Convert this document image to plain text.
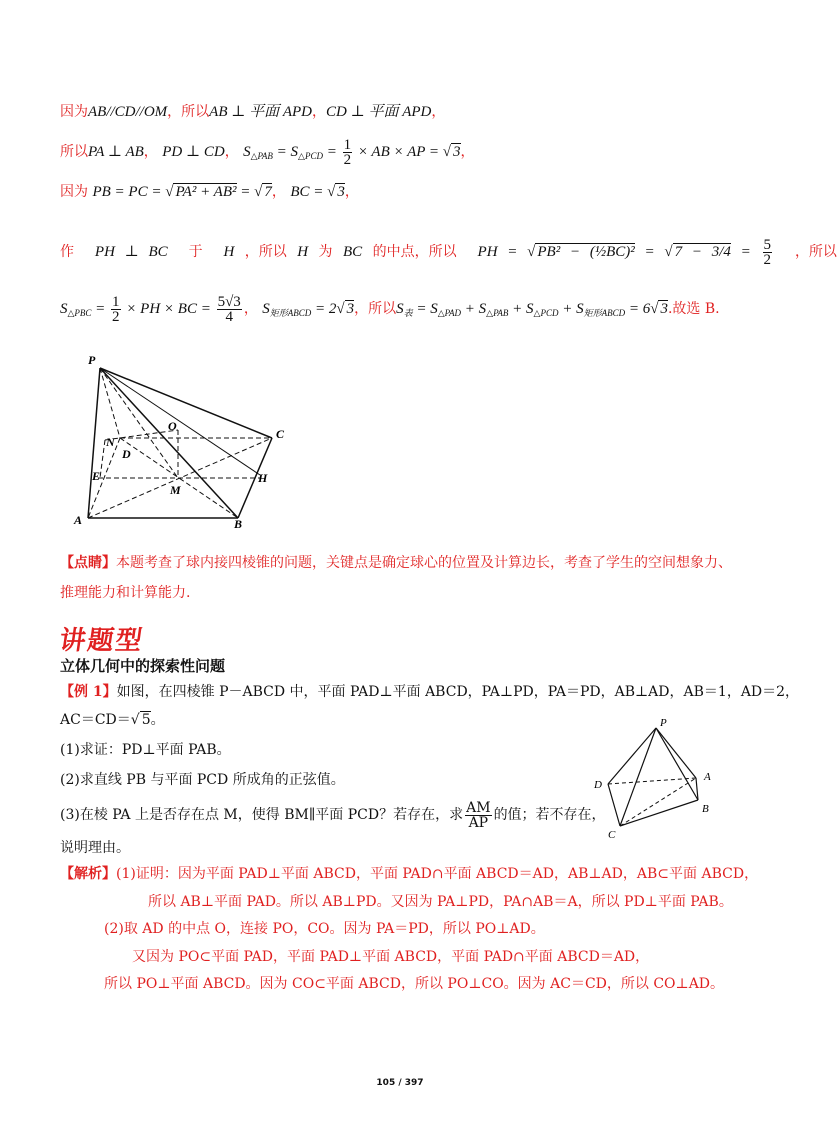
因为AB//CD//OM，所以AB ⊥ 平面 APD，CD ⊥ 平面 APD，
所以PA ⊥ AB， PD ⊥ CD， $S_{\triangle PAB} = S_{\triangle PCD} = \frac{1}{2}$ × AB × AP = √ 3，
因为 PB = PC = √ PA² + AB² = √ 7， BC = √ 3，
作 PH ⊥ BC 于 H ，所以 H 为 BC 的中点，所以 PH = √ PB² − (½BC)² = √ $7 - 3/4 = \frac{5}{2}$ ，所以
$S_{\triangle PBC} = \frac{1}{2}$ × PH × BC = $\frac{5√3}{4}$ ， $S_{矩形ABCD} = 2√$ 3，所以$S_表 = S_{\triangle PAD} + S_{\triangle PAB} + S_{\triangle PCD} + S_{矩形ABCD} = 6√$ 3.故选 B.
P
O
C
N
D
E	H
M
A	B
【点睛】本题考查了球内接四棱锥的问题，关键点是确定球心的位置及计算边长，考查了学生的空间想象力、
推理能力和计算能力.
讲题型
立体几何中的探索性问题
【例 1】如图，在四棱锥 P－ABCD 中，平面 PAD⊥平面 ABCD，PA⊥PD，PA＝PD，AB⊥AD，AB＝1，AD＝2，
AC＝CD＝√ 5。
(1)求证：PD⊥平面 PAB。
(2)求直线 PB 与平面 PCD 所成角的正弦值。
(3)在棱 PA 上是否存在点 M，使得 BM∥平面 PCD？若存在，求 $\frac{AM}{AP}$ 的值；若不存在，
说明理由。
P
D
A
B
C
【解析】(1)证明：因为平面 PAD⊥平面 ABCD，平面 PAD∩平面 ABCD＝AD，AB⊥AD，AB⊂平面 ABCD，
所以 AB⊥平面 PAD。所以 AB⊥PD。又因为 PA⊥PD，PA∩AB＝A，所以 PD⊥平面 PAB。
(2)取 AD 的中点 O，连接 PO，CO。因为 PA＝PD，所以 PO⊥AD。
又因为 PO⊂平面 PAD，平面 PAD⊥平面 ABCD，平面 PAD∩平面 ABCD＝AD，
所以 PO⊥平面 ABCD。因为 CO⊂平面 ABCD，所以 PO⊥CO。因为 AC＝CD，所以 CO⊥AD。
105 / 397
